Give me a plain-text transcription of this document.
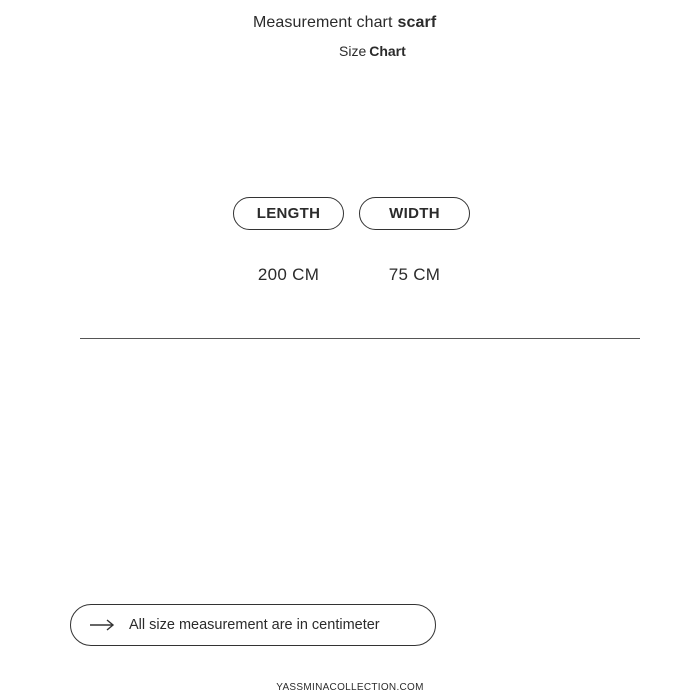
Measurement chart scarf
Size Chart
LENGTH	WIDTH
200 CM	75 CM
All size measurement are in centimeter
YASSMINACOLLECTION.COM
